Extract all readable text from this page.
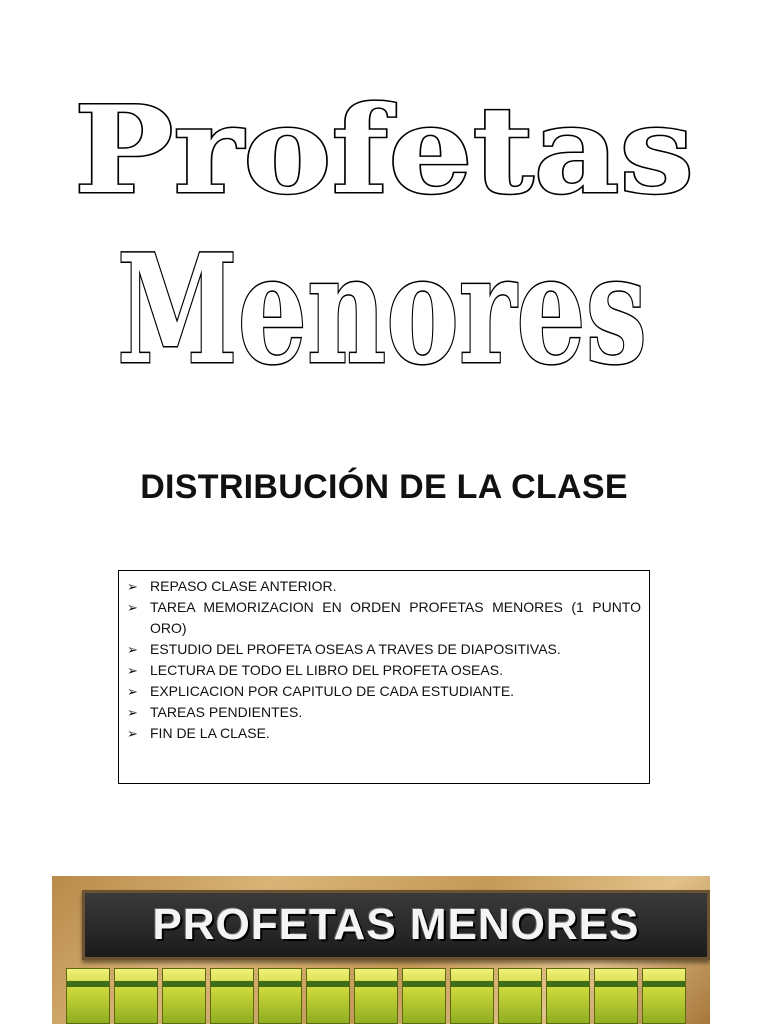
Profetas
Menores
DISTRIBUCIÓN DE LA CLASE
➢ REPASO CLASE ANTERIOR.
➢ TAREA MEMORIZACION EN ORDEN PROFETAS MENORES (1 PUNTO ORO)
➢ ESTUDIO DEL PROFETA OSEAS A TRAVES DE DIAPOSITIVAS.
➢ LECTURA DE TODO EL LIBRO DEL PROFETA OSEAS.
➢ EXPLICACION POR CAPITULO DE CADA ESTUDIANTE.
➢ TAREAS PENDIENTES.
➢ FIN DE LA CLASE.
PROFETAS MENORES
